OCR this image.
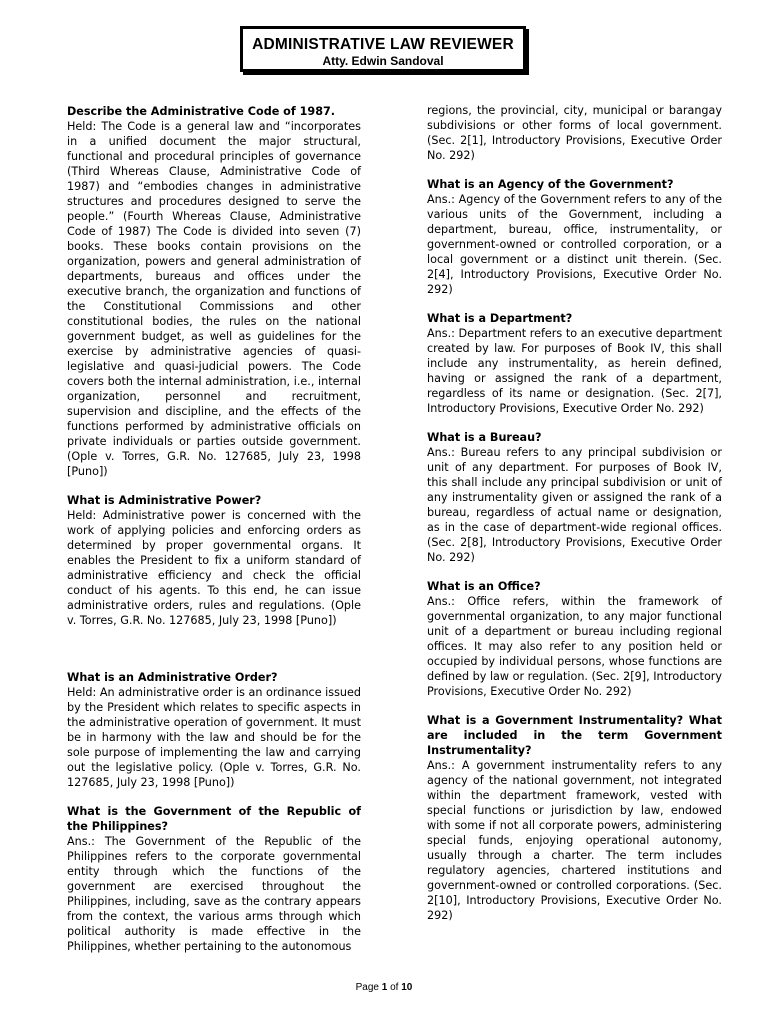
ADMINISTRATIVE LAW REVIEWER
Atty. Edwin Sandoval

Describe the Administrative Code of 1987.

Held: The Code is a general law and “incorporates in a unified document the major structural, functional and procedural principles of governance (Third Whereas Clause, Administrative Code of 1987) and “embodies changes in administrative structures and procedures designed to serve the people.” (Fourth Whereas Clause, Administrative Code of 1987) The Code is divided into seven (7) books. These books contain provisions on the organization, powers and general administration of departments, bureaus and offices under the executive branch, the organization and functions of the Constitutional Commissions and other constitutional bodies, the rules on the national government budget, as well as guidelines for the exercise by administrative agencies of quasi-legislative and quasi-judicial powers. The Code covers both the internal administration, i.e., internal organization, personnel and recruitment, supervision and discipline, and the effects of the functions performed by administrative officials on private individuals or parties outside government. (Ople v. Torres, G.R. No. 127685, July 23, 1998 [Puno])

What is Administrative Power?

Held: Administrative power is concerned with the work of applying policies and enforcing orders as determined by proper governmental organs. It enables the President to fix a uniform standard of administrative efficiency and check the official conduct of his agents. To this end, he can issue administrative orders, rules and regulations. (Ople v. Torres, G.R. No. 127685, July 23, 1998 [Puno])

What is an Administrative Order?

Held: An administrative order is an ordinance issued by the President which relates to specific aspects in the administrative operation of government. It must be in harmony with the law and should be for the sole purpose of implementing the law and carrying out the legislative policy. (Ople v. Torres, G.R. No. 127685, July 23, 1998 [Puno])

What is the Government of the Republic of the Philippines?

Ans.: The Government of the Republic of the Philippines refers to the corporate governmental entity through which the functions of the government are exercised throughout the Philippines, including, save as the contrary appears from the context, the various arms through which political authority is made effective in the Philippines, whether pertaining to the autonomous

regions, the provincial, city, municipal or barangay subdivisions or other forms of local government. (Sec. 2[1], Introductory Provisions, Executive Order No. 292)

What is an Agency of the Government?

Ans.: Agency of the Government refers to any of the various units of the Government, including a department, bureau, office, instrumentality, or government-owned or controlled corporation, or a local government or a distinct unit therein. (Sec. 2[4], Introductory Provisions, Executive Order No. 292)

What is a Department?

Ans.: Department refers to an executive department created by law. For purposes of Book IV, this shall include any instrumentality, as herein defined, having or assigned the rank of a department, regardless of its name or designation. (Sec. 2[7], Introductory Provisions, Executive Order No. 292)

What is a Bureau?

Ans.: Bureau refers to any principal subdivision or unit of any department. For purposes of Book IV, this shall include any principal subdivision or unit of any instrumentality given or assigned the rank of a bureau, regardless of actual name or designation, as in the case of department-wide regional offices. (Sec. 2[8], Introductory Provisions, Executive Order No. 292)

What is an Office?

Ans.: Office refers, within the framework of governmental organization, to any major functional unit of a department or bureau including regional offices. It may also refer to any position held or occupied by individual persons, whose functions are defined by law or regulation. (Sec. 2[9], Introductory Provisions, Executive Order No. 292)

What is a Government Instrumentality? What are included in the term Government Instrumentality?

Ans.: A government instrumentality refers to any agency of the national government, not integrated within the department framework, vested with special functions or jurisdiction by law, endowed with some if not all corporate powers, administering special funds, enjoying operational autonomy, usually through a charter. The term includes regulatory agencies, chartered institutions and government-owned or controlled corporations. (Sec. 2[10], Introductory Provisions, Executive Order No. 292)

Page 1 of 10
